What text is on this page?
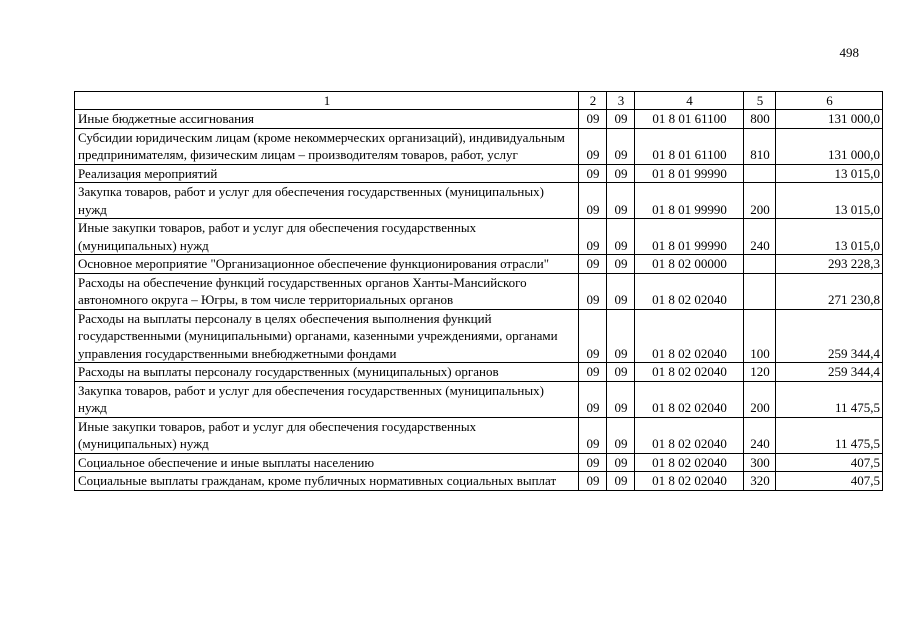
498
1	2	3	4	5	6
Иные бюджетные ассигнования	09	09	01 8 01 61100	800	131 000,0
Субсидии юридическим лицам (кроме некоммерческих организаций), индивидуальным предпринимателям, физическим лицам – производителям товаров, работ, услуг	09	09	01 8 01 61100	810	131 000,0
Реализация мероприятий	09	09	01 8 01 99990		13 015,0
Закупка товаров, работ и услуг для обеспечения государственных (муниципальных) нужд	09	09	01 8 01 99990	200	13 015,0
Иные закупки товаров, работ и услуг для обеспечения государственных (муниципальных) нужд	09	09	01 8 01 99990	240	13 015,0
Основное мероприятие "Организационное обеспечение функционирования отрасли"	09	09	01 8 02 00000		293 228,3
Расходы на обеспечение функций государственных органов Ханты-Мансийского автономного округа – Югры, в том числе территориальных органов	09	09	01 8 02 02040		271 230,8
Расходы на выплаты персоналу в целях обеспечения выполнения функций государственными (муниципальными) органами, казенными учреждениями, органами управления государственными внебюджетными фондами	09	09	01 8 02 02040	100	259 344,4
Расходы на выплаты персоналу государственных (муниципальных) органов	09	09	01 8 02 02040	120	259 344,4
Закупка товаров, работ и услуг для обеспечения государственных (муниципальных) нужд	09	09	01 8 02 02040	200	11 475,5
Иные закупки товаров, работ и услуг для обеспечения государственных (муниципальных) нужд	09	09	01 8 02 02040	240	11 475,5
Социальное обеспечение и иные выплаты населению	09	09	01 8 02 02040	300	407,5
Социальные выплаты гражданам, кроме публичных нормативных социальных выплат	09	09	01 8 02 02040	320	407,5
